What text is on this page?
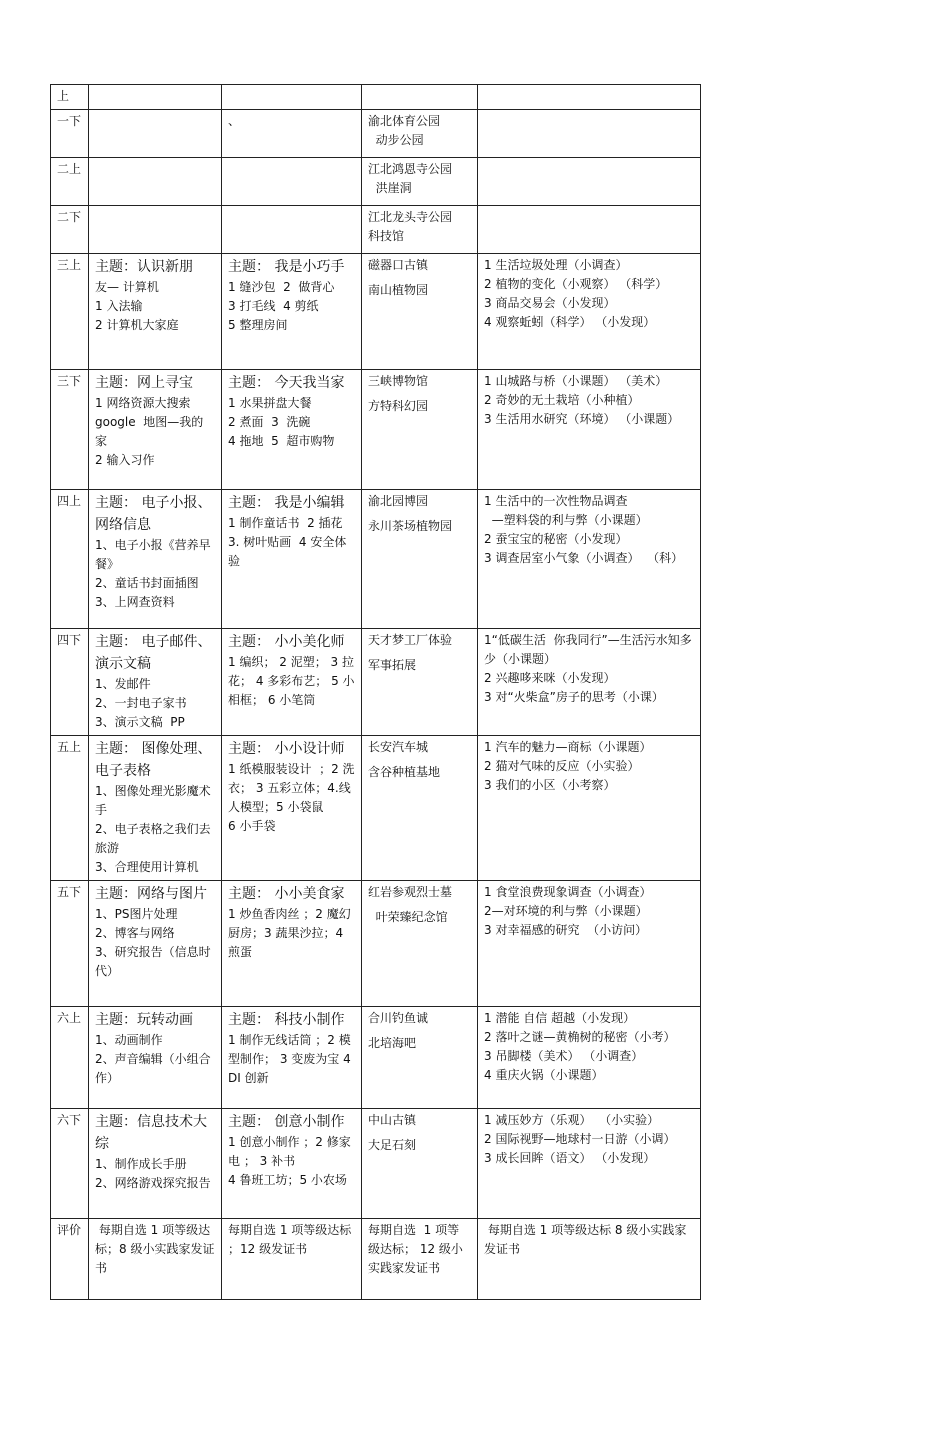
上				
一下		、	渝北体育公园
动步公园	

二上			江北鸿恩寺公园
洪崖洞	

二下			江北龙头寺公园
科技馆	

三上	主题：认识新朋
友— 计算机
1 入法输
2 计算机大家庭	主题： 我是小巧手
1 缝沙包  2  做背心
3 打毛线  4 剪纸
5 整理房间	磁器口古镇
南山植物园	1 生活垃圾处理（小调查）
2 植物的变化（小观察） （科学）
3 商品交易会（小发现）
4 观察蚯蚓（科学） （小发现）

三下	主题：网上寻宝
1 网络资源大搜索
google  地图—我的家
2 输入习作	主题： 今天我当家
1 水果拼盘大餐
2 煮面  3  洗碗
4 拖地  5  超市购物	三峡博物馆
方特科幻园	1 山城路与桥（小课题） （美术）
2 奇妙的无土栽培（小种植）
3 生活用水研究（环境） （小课题）

四上	主题： 电子小报、网络信息
1、电子小报《营养早餐》
2、童话书封面插图
3、上网查资料	主题： 我是小编辑
1 制作童话书  2 插花
3. 树叶贴画  4 安全体验	渝北园博园
永川茶场植物园	1 生活中的一次性物品调查
—塑料袋的利与弊（小课题）
2 蚕宝宝的秘密（小发现）
3 调查居室小气象（小调查）  （科）

四下	主题： 电子邮件、演示文稿
1、发邮件
2、一封电子家书
3、演示文稿  PP	主题： 小小美化师
1 编织； 2 泥塑； 3 拉花； 4 多彩布艺； 5 小相框； 6 小笔筒	天才梦工厂体验
军事拓展	1“低碳生活  你我同行”—生活污水知多少（小课题）
2 兴趣哆来咪（小发现）
3 对“火柴盒”房子的思考（小课）

五上	主题： 图像处理、电子表格
1、图像处理光影魔术手
2、电子表格之我们去旅游
3、合理使用计算机	主题： 小小设计师
1 纸模服装设计  ；2 洗衣； 3 五彩立体；4.线人模型；5 小袋鼠
6 小手袋	长安汽车城
含谷种植基地	1 汽车的魅力—商标（小课题）
2 猫对气味的反应（小实验）
3 我们的小区（小考察）

五下	主题：网络与图片
1、PS图片处理
2、博客与网络
3、研究报告（信息时代）	主题： 小小美食家
1 炒鱼香肉丝 ；2 魔幻厨房；3 蔬果沙拉；4 煎蛋	红岩参观烈士墓
叶荣臻纪念馆	1 食堂浪费现象调查（小调查）
2—对环境的利与弊（小课题）
3 对幸福感的研究  （小访问）

六上	主题：玩转动画
1、动画制作
2、声音编辑（小组合作）	主题： 科技小制作
1 制作无线话筒 ；2 模型制作； 3 变废为宝 4 DI 创新	合川钓鱼诚
北培海吧	1 潜能 自信 超越（小发现）
2 落叶之谜—黄桷树的秘密（小考）
3 吊脚楼（美术） （小调查）
4 重庆火锅（小课题）

六下	主题：信息技术大综
1、制作成长手册
2、网络游戏探究报告	主题： 创意小制作
1 创意小制作 ；2 修家电 ； 3 补书
4 鲁班工坊；5 小农场	中山古镇
大足石刻	1 减压妙方（乐观）  （小实验）
2 国际视野—地球村一日游（小调）
3 成长回眸（语文） （小发现）

评价	每期自选 1 项等级达标；8 级小实践家发证书	每期自选 1 项等级达标 ；12 级发证书	每期自选  1 项等级达标； 12 级小实践家发证书	每期自选 1 项等级达标 8 级小实践家发证书
